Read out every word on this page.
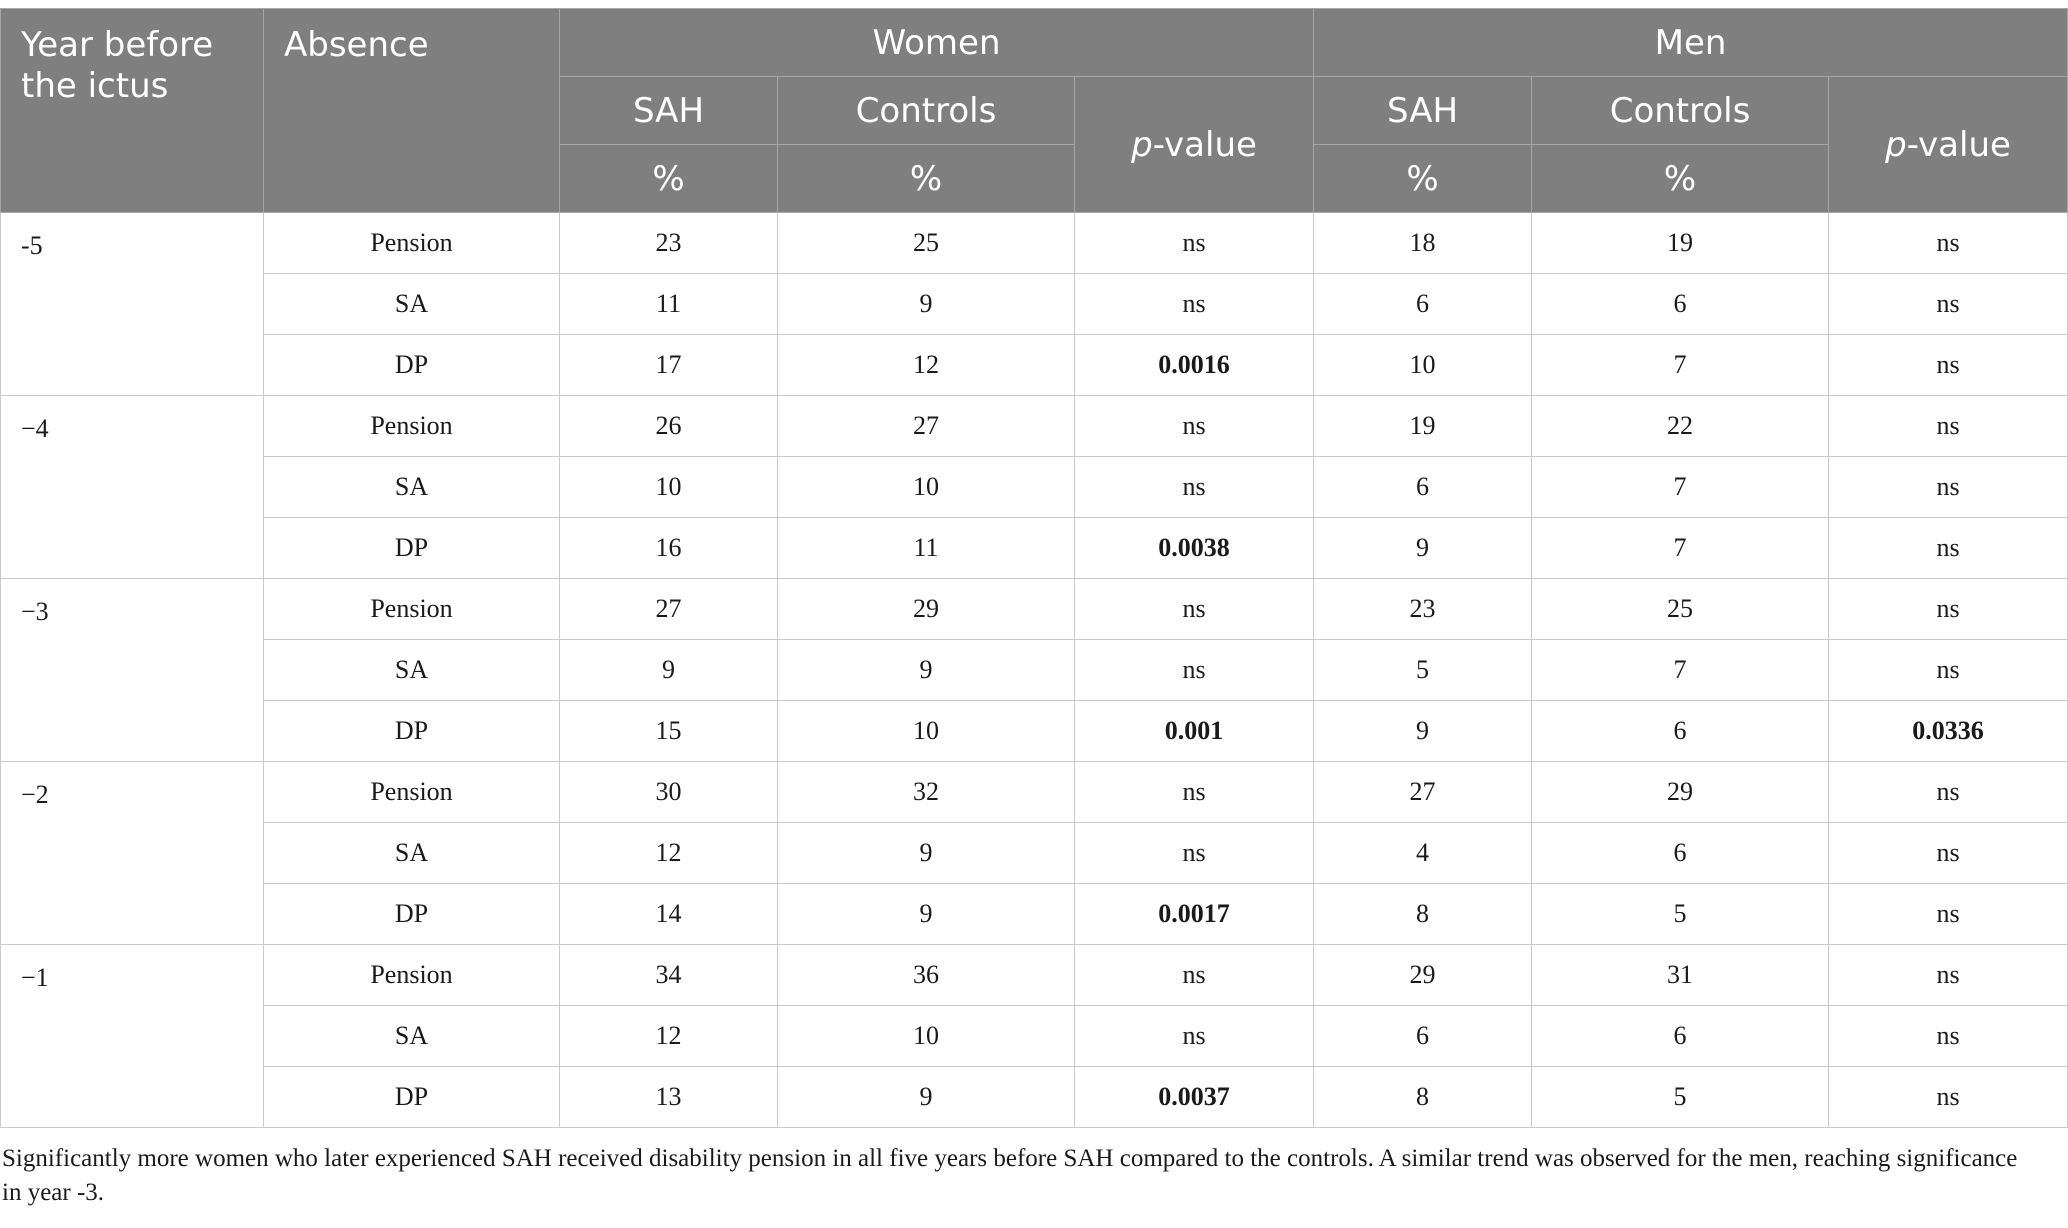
Year before the ictus	Absence	Women			Men		
		SAH	Controls	p-value	SAH	Controls	p-value
		%	%		%	%	
-5	Pension	23	25	ns	18	19	ns
	SA	11	9	ns	6	6	ns
	DP	17	12	0.0016	10	7	ns
−4	Pension	26	27	ns	19	22	ns
	SA	10	10	ns	6	7	ns
	DP	16	11	0.0038	9	7	ns
−3	Pension	27	29	ns	23	25	ns
	SA	9	9	ns	5	7	ns
	DP	15	10	0.001	9	6	0.0336
−2	Pension	30	32	ns	27	29	ns
	SA	12	9	ns	4	6	ns
	DP	14	9	0.0017	8	5	ns
−1	Pension	34	36	ns	29	31	ns
	SA	12	10	ns	6	6	ns
	DP	13	9	0.0037	8	5	ns
Significantly more women who later experienced SAH received disability pension in all five years before SAH compared to the controls. A similar trend was observed for the men, reaching significance in year -3.
